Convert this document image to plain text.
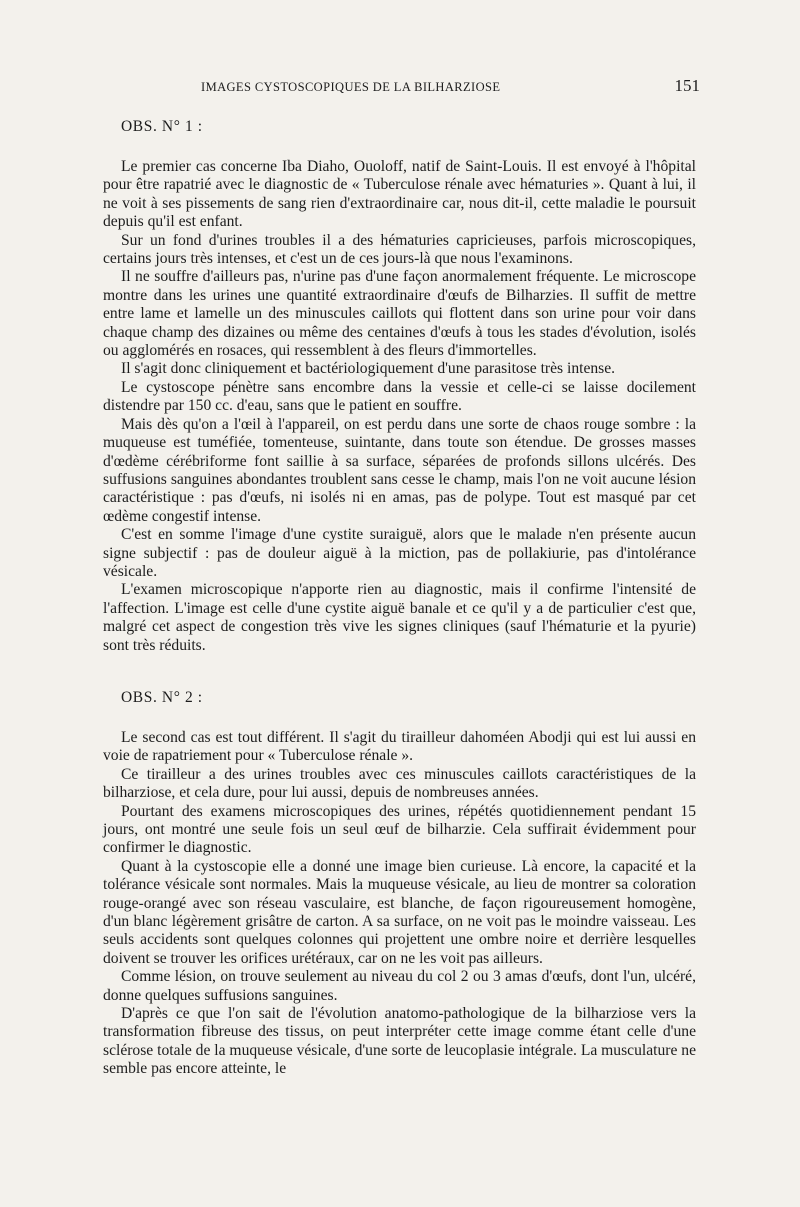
IMAGES CYSTOSCOPIQUES DE LA BILHARZIOSE	151
OBS. N° 1 :

Le premier cas concerne Iba Diaho, Ouoloff, natif de Saint-Louis. Il est envoyé à l'hôpital pour être rapatrié avec le diagnostic de « Tuberculose rénale avec hématuries ». Quant à lui, il ne voit à ses pissements de sang rien d'extraordinaire car, nous dit-il, cette maladie le poursuit depuis qu'il est enfant.

Sur un fond d'urines troubles il a des hématuries capricieuses, parfois microscopiques, certains jours très intenses, et c'est un de ces jours-là que nous l'examinons.

Il ne souffre d'ailleurs pas, n'urine pas d'une façon anormalement fréquente. Le microscope montre dans les urines une quantité extraordinaire d'œufs de Bilharzies. Il suffit de mettre entre lame et lamelle un des minuscules caillots qui flottent dans son urine pour voir dans chaque champ des dizaines ou même des centaines d'œufs à tous les stades d'évolution, isolés ou agglomérés en rosaces, qui ressemblent à des fleurs d'immortelles.

Il s'agit donc cliniquement et bactériologiquement d'une parasitose très intense.

Le cystoscope pénètre sans encombre dans la vessie et celle-ci se laisse docilement distendre par 150 cc. d'eau, sans que le patient en souffre.

Mais dès qu'on a l'œil à l'appareil, on est perdu dans une sorte de chaos rouge sombre : la muqueuse est tuméfiée, tomenteuse, suintante, dans toute son étendue. De grosses masses d'œdème cérébriforme font saillie à sa surface, séparées de profonds sillons ulcérés. Des suffusions sanguines abondantes troublent sans cesse le champ, mais l'on ne voit aucune lésion caractéristique : pas d'œufs, ni isolés ni en amas, pas de polype. Tout est masqué par cet œdème congestif intense.

C'est en somme l'image d'une cystite suraiguë, alors que le malade n'en présente aucun signe subjectif : pas de douleur aiguë à la miction, pas de pollakiurie, pas d'intolérance vésicale.

L'examen microscopique n'apporte rien au diagnostic, mais il confirme l'intensité de l'affection. L'image est celle d'une cystite aiguë banale et ce qu'il y a de particulier c'est que, malgré cet aspect de congestion très vive les signes cliniques (sauf l'hématurie et la pyurie) sont très réduits.

OBS. N° 2 :

Le second cas est tout différent. Il s'agit du tirailleur dahoméen Abodji qui est lui aussi en voie de rapatriement pour « Tuberculose rénale ».

Ce tirailleur a des urines troubles avec ces minuscules caillots caractéristiques de la bilharziose, et cela dure, pour lui aussi, depuis de nombreuses années.

Pourtant des examens microscopiques des urines, répétés quotidiennement pendant 15 jours, ont montré une seule fois un seul œuf de bilharzie. Cela suffirait évidemment pour confirmer le diagnostic.

Quant à la cystoscopie elle a donné une image bien curieuse. Là encore, la capacité et la tolérance vésicale sont normales. Mais la muqueuse vésicale, au lieu de montrer sa coloration rouge-orangé avec son réseau vasculaire, est blanche, de façon rigoureusement homogène, d'un blanc légèrement grisâtre de carton. A sa surface, on ne voit pas le moindre vaisseau. Les seuls accidents sont quelques colonnes qui projettent une ombre noire et derrière lesquelles doivent se trouver les orifices urétéraux, car on ne les voit pas ailleurs.

Comme lésion, on trouve seulement au niveau du col 2 ou 3 amas d'œufs, dont l'un, ulcéré, donne quelques suffusions sanguines.

D'après ce que l'on sait de l'évolution anatomo-pathologique de la bilharziose vers la transformation fibreuse des tissus, on peut interpréter cette image comme étant celle d'une sclérose totale de la muqueuse vésicale, d'une sorte de leucoplasie intégrale. La musculature ne semble pas encore atteinte, le
